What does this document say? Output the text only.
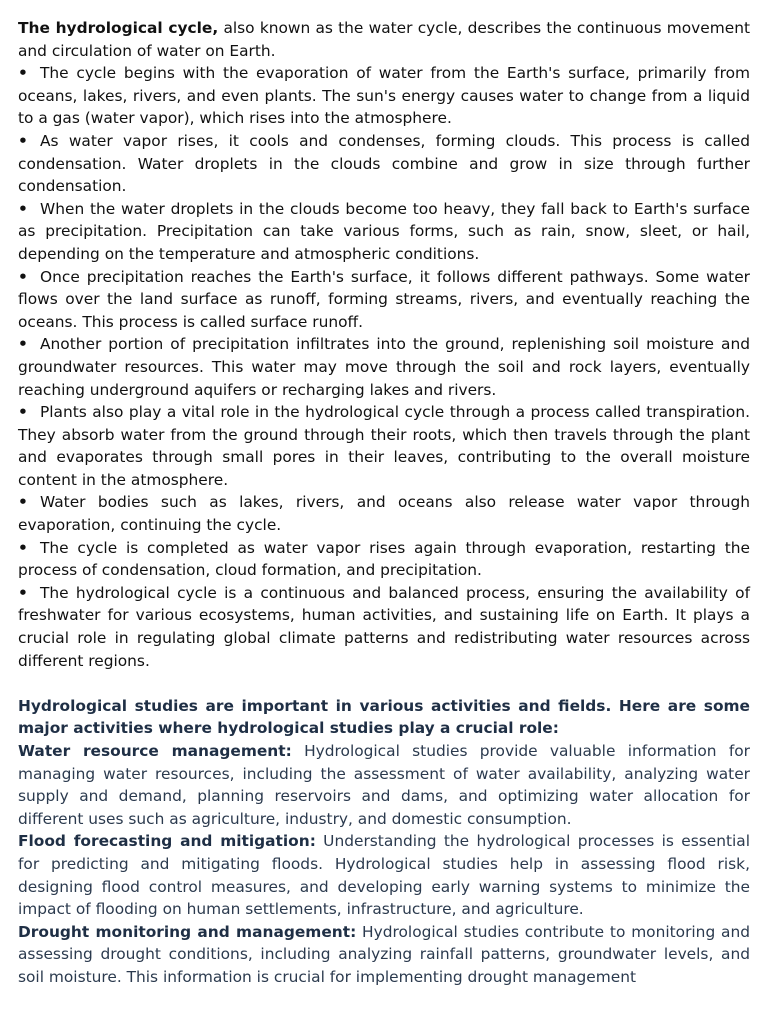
The hydrological cycle, also known as the water cycle, describes the continuous movement and circulation of water on Earth.

• The cycle begins with the evaporation of water from the Earth's surface, primarily from oceans, lakes, rivers, and even plants. The sun's energy causes water to change from a liquid to a gas (water vapor), which rises into the atmosphere.

• As water vapor rises, it cools and condenses, forming clouds. This process is called condensation. Water droplets in the clouds combine and grow in size through further condensation.

• When the water droplets in the clouds become too heavy, they fall back to Earth's surface as precipitation. Precipitation can take various forms, such as rain, snow, sleet, or hail, depending on the temperature and atmospheric conditions.

• Once precipitation reaches the Earth's surface, it follows different pathways. Some water flows over the land surface as runoff, forming streams, rivers, and eventually reaching the oceans. This process is called surface runoff.

• Another portion of precipitation infiltrates into the ground, replenishing soil moisture and groundwater resources. This water may move through the soil and rock layers, eventually reaching underground aquifers or recharging lakes and rivers.

• Plants also play a vital role in the hydrological cycle through a process called transpiration. They absorb water from the ground through their roots, which then travels through the plant and evaporates through small pores in their leaves, contributing to the overall moisture content in the atmosphere.

• Water bodies such as lakes, rivers, and oceans also release water vapor through evaporation, continuing the cycle.

• The cycle is completed as water vapor rises again through evaporation, restarting the process of condensation, cloud formation, and precipitation.

• The hydrological cycle is a continuous and balanced process, ensuring the availability of freshwater for various ecosystems, human activities, and sustaining life on Earth. It plays a crucial role in regulating global climate patterns and redistributing water resources across different regions.

Hydrological studies are important in various activities and fields. Here are some major activities where hydrological studies play a crucial role:

Water resource management: Hydrological studies provide valuable information for managing water resources, including the assessment of water availability, analyzing water supply and demand, planning reservoirs and dams, and optimizing water allocation for different uses such as agriculture, industry, and domestic consumption.

Flood forecasting and mitigation: Understanding the hydrological processes is essential for predicting and mitigating floods. Hydrological studies help in assessing flood risk, designing flood control measures, and developing early warning systems to minimize the impact of flooding on human settlements, infrastructure, and agriculture.

Drought monitoring and management: Hydrological studies contribute to monitoring and assessing drought conditions, including analyzing rainfall patterns, groundwater levels, and soil moisture. This information is crucial for implementing drought management
